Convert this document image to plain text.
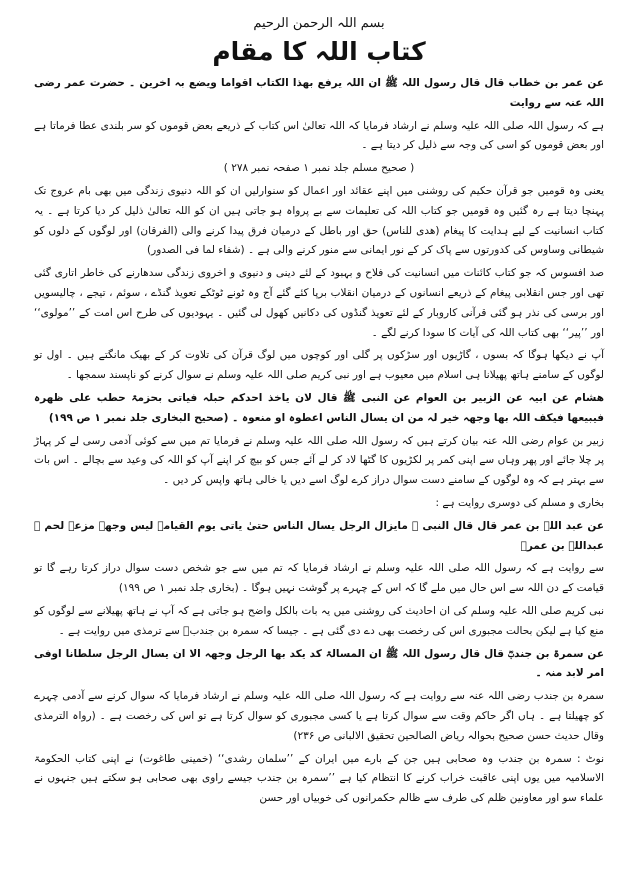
بسم اللہ الرحمن الرحیم
کتاب اللہ کا مقام

عن عمر بن خطاب قال قال رسول اللہ ﷺ ان اللہ یرفع بھذا الکتاب اقواما ویضع بہ اخرین ۔ حضرت عمر رضی اللہ عنہ سے روایت

ہے کہ رسول اللہ صلی اللہ علیہ وسلم نے ارشاد فرمایا کہ اللہ تعالیٰ اس کتاب کے ذریعے بعض قوموں کو سر بلندی عطا فرماتا ہے اور بعض قوموں کو اسی کی وجہ سے ذلیل کر دیتا ہے ۔

( صحیح مسلم جلد نمبر ۱ صفحہ نمبر ۲۷۸ )

یعنی وہ قومیں جو قرآن حکیم کی روشنی میں اپنے عقائد اور اعمال کو سنوارلیں ان کو اللہ دنیوی زندگی میں بھی بام عروج تک پہنچا دیتا ہے رہ گئیں وہ قومیں جو کتاب اللہ کی تعلیمات سے بے پرواہ ہو جاتی ہیں ان کو اللہ تعالیٰ ذلیل کر دیا کرتا ہے ۔ یہ کتاب انسانیت کے لیے ہدایت کا پیغام (ھدی للناس) حق اور باطل کے درمیان فرق پیدا کرنے والی (الفرقان) اور لوگوں کے دلوں کو شیطانی وساوس کی کدورتوں سے پاک کر کے نور ایمانی سے منور کرنے والی ہے ۔ (شفاء لما فی الصدور)

صد افسوس کہ جو کتاب کائنات میں انسانیت کی فلاح و بہبود کے لئے دینی و دنیوی و اخروی زندگی سدھارنے کی خاطر اتاری گئی تھی اور جس انقلابی پیغام کے ذریعے انسانوں کے درمیان انقلاب برپا کئے گئے آج وہ ٹونے ٹوٹکے تعویذ گنڈے ، سوئم ، تیجے ، چالیسویں اور برسی کی نذر ہو گئی قرآنی کاروبار کے لئے تعویذ گنڈوں کی دکانیں کھول لی گئیں ۔ یہودیوں کی طرح اس امت کے ’’مولوی‘‘ اور ’’پیر‘‘ بھی کتاب اللہ کی آیات کا سودا کرنے لگے ۔

آپ نے دیکھا ہوگا کہ بسوں ، گاڑیوں اور سڑکوں پر گلی اور کوچوں میں لوگ قرآن کی تلاوت کر کے بھیک مانگتے ہیں ۔ اول تو لوگوں کے سامنے ہاتھ پھیلانا ہی اسلام میں معیوب ہے اور نبی کریم صلی اللہ علیہ وسلم نے سوال کرنے کو ناپسند سمجھا ۔

ھشام عن ابیہ عن الزبیر بن العوام عن النبی ﷺ قال لان یاخذ احدکم حبلہ فیاتی بحزمۃ حطب علی ظھرہ فیبیعھا فیکف اللہ بھا وجھہ خیر لہ من ان یسال الناس اعطوہ او منعوہ ۔ (صحیح البخاری جلد نمبر ۱ ص ۱۹۹)

زبیر بن عوام رضی اللہ عنہ بیان کرتے ہیں کہ رسول اللہ صلی اللہ علیہ وسلم نے فرمایا تم میں سے کوئی آدمی رسی لے کر پہاڑ پر چلا جائے اور پھر وہاں سے اپنی کمر پر لکڑیوں کا گٹھا لاد کر لے آئے جس کو بیچ کر اپنے آپ کو اللہ کی وعید سے بچالے ۔ اس بات سے بہتر ہے کہ وہ لوگوں کے سامنے دست سوال دراز کرے لوگ اسے دیں یا خالی ہاتھ واپس کر دیں ۔

بخاری و مسلم کی دوسری روایت ہے :

عن عبد اللہ بن عمر قال قال النبی ﷺ مایزال الرجل یسال الناس حتیٰ یاتی یوم القیامۃ لیس وجھہ مزعۃ لحم ۔ عبداللہ بن عمرؓ

سے روایت ہے کہ رسول اللہ صلی اللہ علیہ وسلم نے ارشاد فرمایا کہ تم میں سے جو شخص دست سوال دراز کرتا رہے گا تو قیامت کے دن اللہ سے اس حال میں ملے گا کہ اس کے چہرے پر گوشت نہیں ہوگا ۔ (بخاری جلد نمبر ۱ ص ۱۹۹)

نبی کریم صلی اللہ علیہ وسلم کی ان احادیث کی روشنی میں یہ بات بالکل واضح ہو جاتی ہے کہ آپ نے ہاتھ پھیلانے سے لوگوں کو منع کیا ہے لیکن بحالت مجبوری اس کی رخصت بھی دے دی گئی ہے ۔ جیسا کہ سمرہ بن جندبؓ سے ترمذی میں روایت ہے ۔

عن سمرۃ بن جندبؓ قال قال رسول اللہ ﷺ ان المسالۃ کد یکد بھا الرجل وجھہ الا ان یسال الرجل سلطانا اوفی امر لابد منہ ۔

سمرہ بن جندب رضی اللہ عنہ سے روایت ہے کہ رسول اللہ صلی اللہ علیہ وسلم نے ارشاد فرمایا کہ سوال کرنے سے آدمی چہرے کو چھیلتا ہے ۔ ہاں اگر حاکم وقت سے سوال کرتا ہے یا کسی مجبوری کو سوال کرتا ہے تو اس کی رخصت ہے ۔ (رواہ الترمذی وقال حدیث حسن صحیح بحوالہ ریاض الصالحین تحقیق الالبانی ص ۲۳۶)

نوٹ : سمرہ بن جندب وہ صحابی ہیں جن کے بارے میں ایران کے ’’سلمان رشدی‘‘ (خمینی طاغوت) نے اپنی کتاب الحکومۃ الاسلامیہ میں یوں اپنی عاقبت خراب کرنے کا انتظام کیا ہے ’’سمرہ بن جندب جیسے راوی بھی صحابی ہو سکتے ہیں جنہوں نے علماء سو اور معاونین ظلم کی طرف سے ظالم حکمرانوں کی خوبیاں اور حسن
